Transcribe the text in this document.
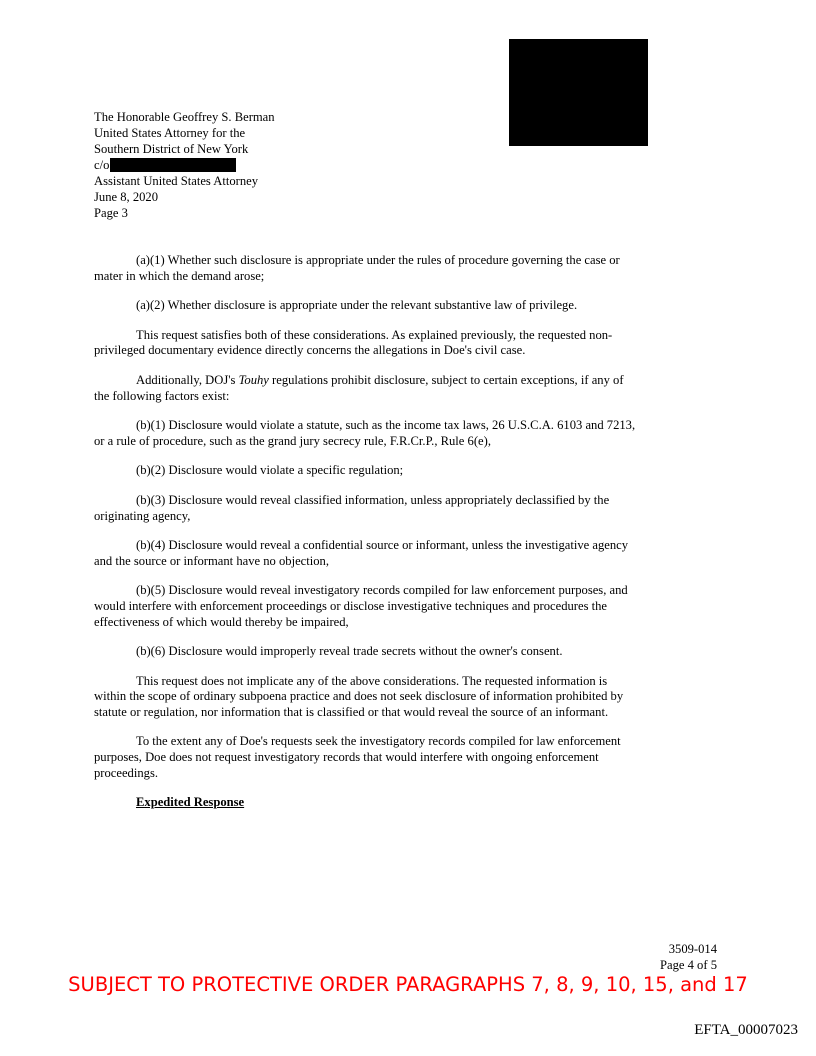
The Honorable Geoffrey S. Berman
United States Attorney for the
Southern District of New York
c/o
Assistant United States Attorney
June 8, 2020
Page 3

(a)(1) Whether such disclosure is appropriate under the rules of procedure governing the case or mater in which the demand arose;

(a)(2) Whether disclosure is appropriate under the relevant substantive law of privilege.

This request satisfies both of these considerations. As explained previously, the requested non-privileged documentary evidence directly concerns the allegations in Doe's civil case.

Additionally, DOJ's Touhy regulations prohibit disclosure, subject to certain exceptions, if any of the following factors exist:

(b)(1) Disclosure would violate a statute, such as the income tax laws, 26 U.S.C.A. 6103 and 7213, or a rule of procedure, such as the grand jury secrecy rule, F.R.Cr.P., Rule 6(e),

(b)(2) Disclosure would violate a specific regulation;

(b)(3) Disclosure would reveal classified information, unless appropriately declassified by the originating agency,

(b)(4) Disclosure would reveal a confidential source or informant, unless the investigative agency and the source or informant have no objection,

(b)(5) Disclosure would reveal investigatory records compiled for law enforcement purposes, and would interfere with enforcement proceedings or disclose investigative techniques and procedures the effectiveness of which would thereby be impaired,

(b)(6) Disclosure would improperly reveal trade secrets without the owner's consent.

This request does not implicate any of the above considerations. The requested information is within the scope of ordinary subpoena practice and does not seek disclosure of information prohibited by statute or regulation, nor information that is classified or that would reveal the source of an informant.

To the extent any of Doe's requests seek the investigatory records compiled for law enforcement purposes, Doe does not request investigatory records that would interfere with ongoing enforcement proceedings.

Expedited Response
3509-014
Page 4 of 5
SUBJECT TO PROTECTIVE ORDER PARAGRAPHS 7, 8, 9, 10, 15, and 17
EFTA_00007023
